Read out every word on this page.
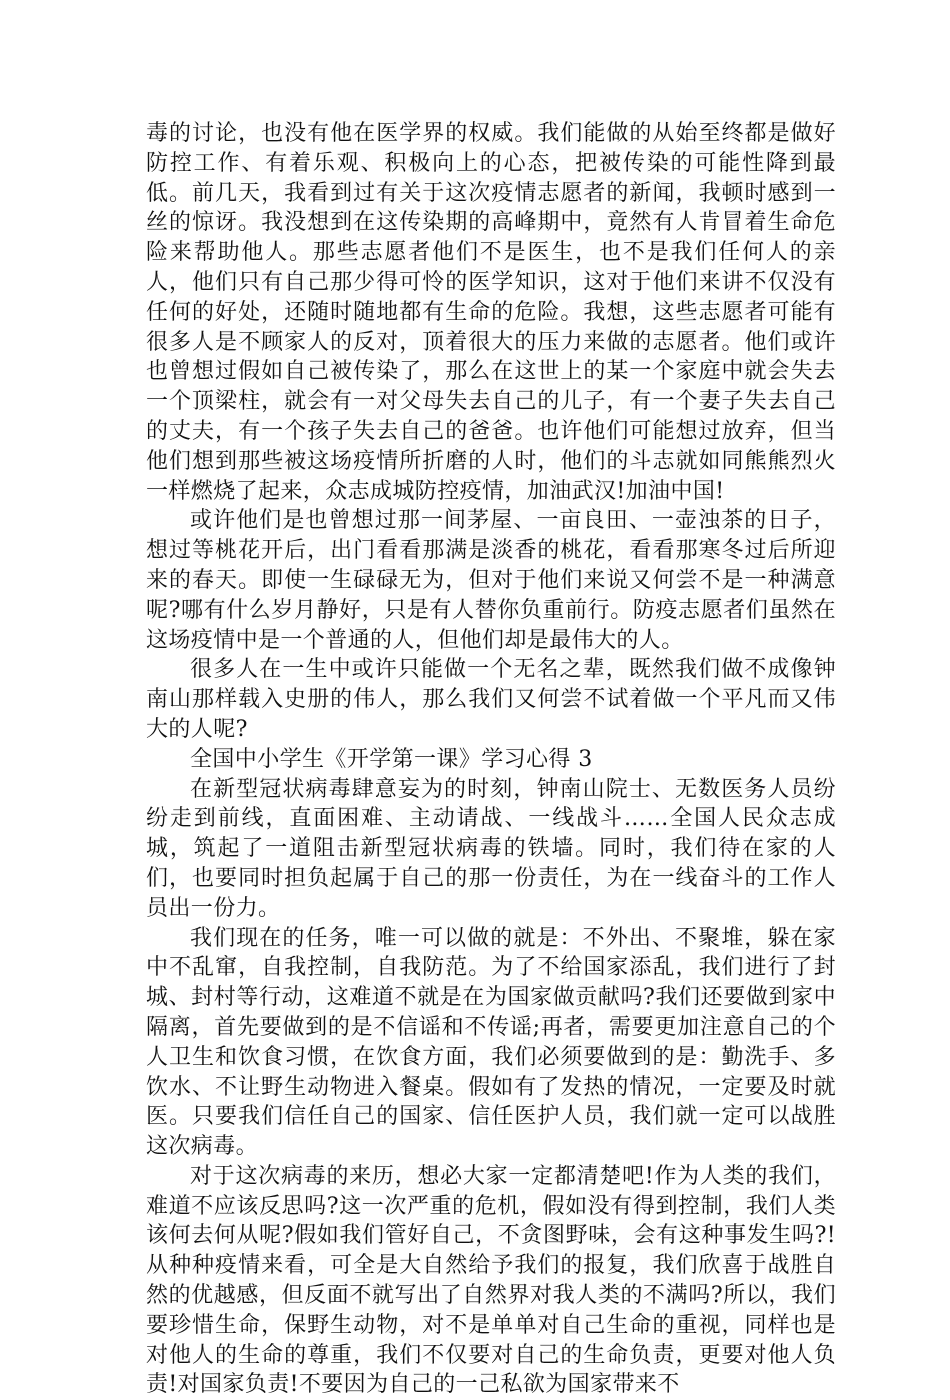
毒的讨论，也没有他在医学界的权威。我们能做的从始至终都是做好防控工作、有着乐观、积极向上的心态，把被传染的可能性降到最低。前几天，我看到过有关于这次疫情志愿者的新闻，我顿时感到一丝的惊讶。我没想到在这传染期的高峰期中，竟然有人肯冒着生命危险来帮助他人。那些志愿者他们不是医生，也不是我们任何人的亲人，他们只有自己那少得可怜的医学知识，这对于他们来讲不仅没有任何的好处，还随时随地都有生命的危险。我想，这些志愿者可能有很多人是不顾家人的反对，顶着很大的压力来做的志愿者。他们或许也曾想过假如自己被传染了，那么在这世上的某一个家庭中就会失去一个顶梁柱，就会有一对父母失去自己的儿子，有一个妻子失去自己的丈夫，有一个孩子失去自己的爸爸。也许他们可能想过放弃，但当他们想到那些被这场疫情所折磨的人时，他们的斗志就如同熊熊烈火一样燃烧了起来，众志成城防控疫情，加油武汉!加油中国!

或许他们是也曾想过那一间茅屋、一亩良田、一壶浊茶的日子，想过等桃花开后，出门看看那满是淡香的桃花，看看那寒冬过后所迎来的春天。即使一生碌碌无为，但对于他们来说又何尝不是一种满意呢?哪有什么岁月静好，只是有人替你负重前行。防疫志愿者们虽然在这场疫情中是一个普通的人，但他们却是最伟大的人。

很多人在一生中或许只能做一个无名之辈，既然我们做不成像钟南山那样载入史册的伟人，那么我们又何尝不试着做一个平凡而又伟大的人呢?

全国中小学生《开学第一课》学习心得 3

在新型冠状病毒肆意妄为的时刻，钟南山院士、无数医务人员纷纷走到前线，直面困难、主动请战、一线战斗……全国人民众志成城，筑起了一道阻击新型冠状病毒的铁墙。同时，我们待在家的人们，也要同时担负起属于自己的那一份责任，为在一线奋斗的工作人员出一份力。

我们现在的任务，唯一可以做的就是：不外出、不聚堆，躲在家中不乱窜，自我控制，自我防范。为了不给国家添乱，我们进行了封城、封村等行动，这难道不就是在为国家做贡献吗?我们还要做到家中隔离，首先要做到的是不信谣和不传谣;再者，需要更加注意自己的个人卫生和饮食习惯，在饮食方面，我们必须要做到的是：勤洗手、多饮水、不让野生动物进入餐桌。假如有了发热的情况，一定要及时就医。只要我们信任自己的国家、信任医护人员，我们就一定可以战胜这次病毒。

对于这次病毒的来历，想必大家一定都清楚吧!作为人类的我们，难道不应该反思吗?这一次严重的危机，假如没有得到控制，我们人类该何去何从呢?假如我们管好自己，不贪图野味，会有这种事发生吗?!从种种疫情来看，可全是大自然给予我们的报复，我们欣喜于战胜自然的优越感，但反面不就写出了自然界对我人类的不满吗?所以，我们要珍惜生命，保野生动物，对不是单单对自己生命的重视，同样也是对他人的生命的尊重，我们不仅要对自己的生命负责，更要对他人负责!对国家负责!不要因为自己的一己私欲为国家带来不
